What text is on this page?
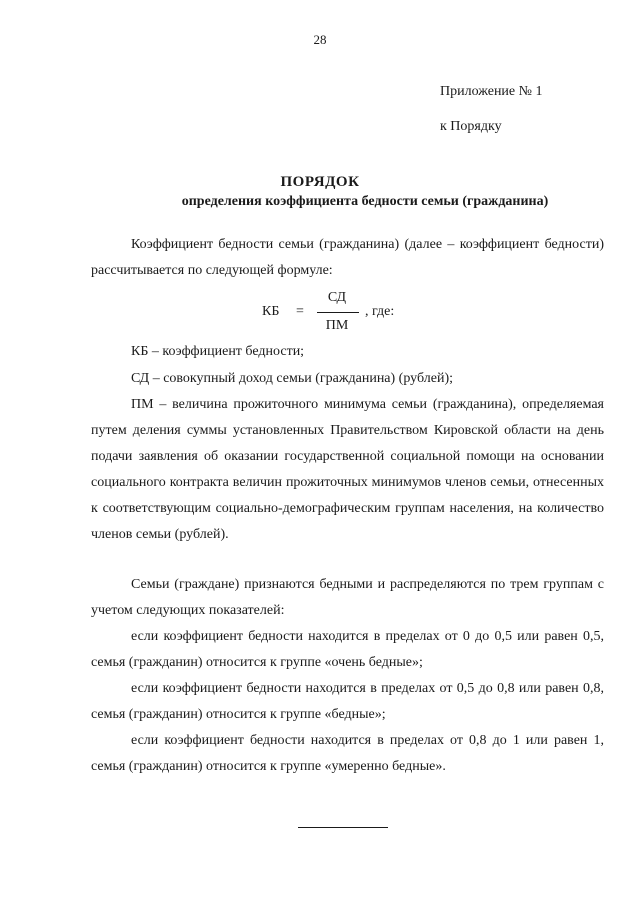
28
Приложение № 1
к Порядку
ПОРЯДОК
определения коэффициента бедности семьи (гражданина)
Коэффициент бедности семьи (гражданина) (далее – коэффициент бедности) рассчитывается по следующей формуле:
КБ =
СД
ПМ
, где:
КБ – коэффициент бедности;
СД – совокупный доход семьи (гражданина) (рублей);
ПМ – величина прожиточного минимума семьи (гражданина), определяемая путем деления суммы установленных Правительством Кировской области на день подачи заявления об оказании государственной социальной помощи на основании социального контракта величин прожиточных минимумов членов семьи, отнесенных к соответствующим социально-демографическим группам населения, на количество членов семьи (рублей).
Семьи (граждане) признаются бедными и распределяются по трем группам с учетом следующих показателей:
если коэффициент бедности находится в пределах от 0 до 0,5 или равен 0,5, семья (гражданин) относится к группе «очень бедные»;
если коэффициент бедности находится в пределах от 0,5 до 0,8 или равен 0,8, семья (гражданин) относится к группе «бедные»;
если коэффициент бедности находится в пределах от 0,8 до 1 или равен 1, семья (гражданин) относится к группе «умеренно бедные».
